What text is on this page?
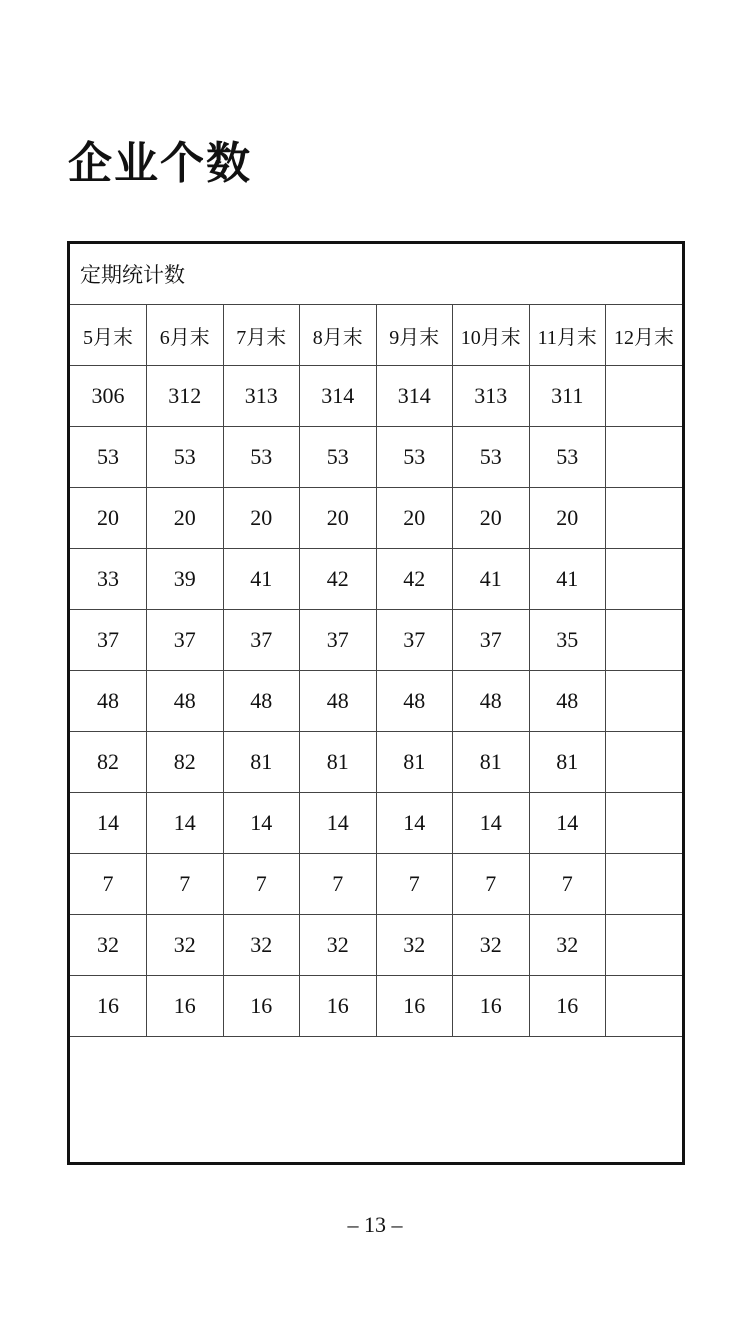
企业个数
定期统计数							
5月末	6月末	7月末	8月末	9月末	10月末	11月末	12月末
306	312	313	314	314	313	311	
53	53	53	53	53	53	53	
20	20	20	20	20	20	20	
33	39	41	42	42	41	41	
37	37	37	37	37	37	35	
48	48	48	48	48	48	48	
82	82	81	81	81	81	81	
14	14	14	14	14	14	14	
7	7	7	7	7	7	7	
32	32	32	32	32	32	32	
16	16	16	16	16	16	16	
– 13 –
